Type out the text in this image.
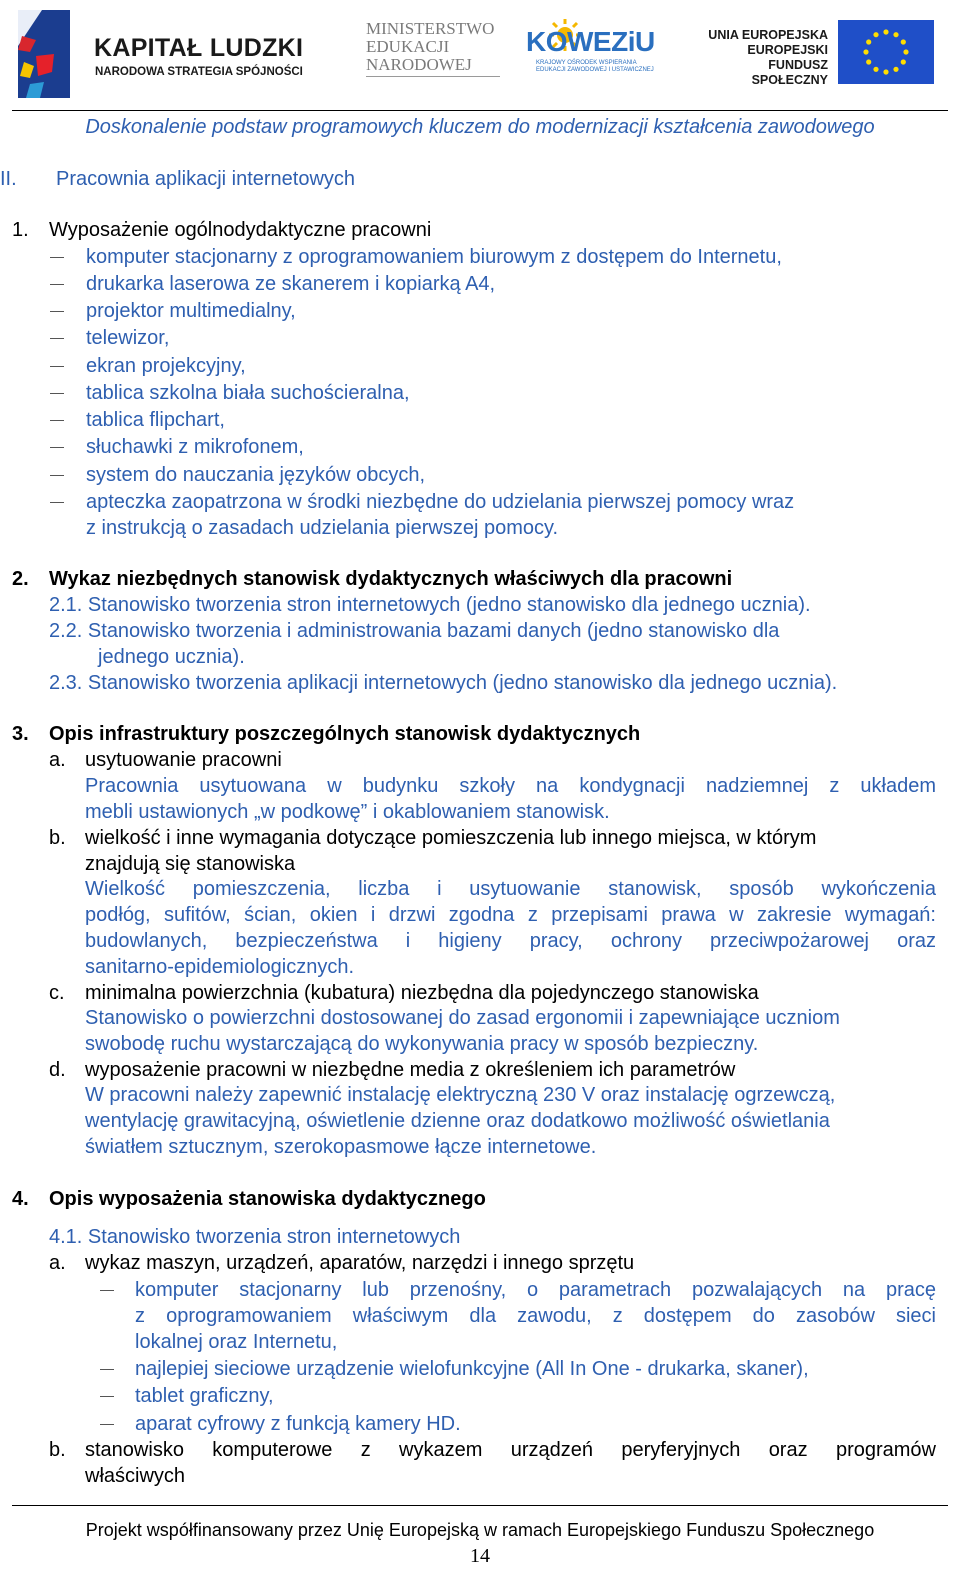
KAPITAŁ LUDZKI
NARODOWA STRATEGIA SPÓJNOŚCI
MINISTERSTWO
EDUKACJI
NARODOWEJ
KOWEZiU
KRAJOWY OŚRODEK WSPIERANIA
EDUKACJI ZAWODOWEJ I USTAWICZNEJ
UNIA EUROPEJSKA
EUROPEJSKI
FUNDUSZ SPOŁECZNY
Doskonalenie podstaw programowych kluczem do modernizacji kształcenia zawodowego
II. Pracownia aplikacji internetowych
1. Wyposażenie ogólnodydaktyczne pracowni
komputer stacjonarny z oprogramowaniem biurowym z dostępem do Internetu,
drukarka laserowa ze skanerem i kopiarką A4,
projektor multimedialny,
telewizor,
ekran projekcyjny,
tablica szkolna biała suchościeralna,
tablica flipchart,
słuchawki z mikrofonem,
system do nauczania języków obcych,
apteczka zaopatrzona w środki niezbędne do udzielania pierwszej pomocy wraz
z instrukcją o zasadach udzielania pierwszej pomocy.
2. Wykaz niezbędnych stanowisk dydaktycznych właściwych dla pracowni
2.1. Stanowisko tworzenia stron internetowych (jedno stanowisko dla jednego ucznia).
2.2. Stanowisko tworzenia i administrowania bazami danych (jedno stanowisko dla
jednego ucznia).
2.3. Stanowisko tworzenia aplikacji internetowych (jedno stanowisko dla jednego ucznia).
3. Opis infrastruktury poszczególnych stanowisk dydaktycznych
a. usytuowanie pracowni
Pracownia usytuowana w budynku szkoły na kondygnacji nadziemnej z układem
mebli ustawionych „w podkowę” i okablowaniem stanowisk.
b. wielkość i inne wymagania dotyczące pomieszczenia lub innego miejsca, w którym
znajdują się stanowiska
Wielkość pomieszczenia, liczba i usytuowanie stanowisk, sposób wykończenia
podłóg, sufitów, ścian, okien i drzwi zgodna z przepisami prawa w zakresie wymagań:
budowlanych, bezpieczeństwa i higieny pracy, ochrony przeciwpożarowej oraz
sanitarno-epidemiologicznych.
c. minimalna powierzchnia (kubatura) niezbędna dla pojedynczego stanowiska
Stanowisko o powierzchni dostosowanej do zasad ergonomii i zapewniające uczniom
swobodę ruchu wystarczającą do wykonywania pracy w sposób bezpieczny.
d. wyposażenie pracowni w niezbędne media z określeniem ich parametrów
W pracowni należy zapewnić instalację elektryczną 230 V oraz instalację ogrzewczą,
wentylację grawitacyjną, oświetlenie dzienne oraz dodatkowo możliwość oświetlania
światłem sztucznym, szerokopasmowe łącze internetowe.
4. Opis wyposażenia stanowiska dydaktycznego
4.1. Stanowisko tworzenia stron internetowych
a. wykaz maszyn, urządzeń, aparatów, narzędzi i innego sprzętu
komputer stacjonarny lub przenośny, o parametrach pozwalających na pracę
z oprogramowaniem właściwym dla zawodu, z dostępem do zasobów sieci
lokalnej oraz Internetu,
najlepiej sieciowe urządzenie wielofunkcyjne (All In One - drukarka, skaner),
tablet graficzny,
aparat cyfrowy z funkcją kamery HD.
b. stanowisko komputerowe z wykazem urządzeń peryferyjnych oraz programów
właściwych
Projekt współfinansowany przez Unię Europejską w ramach Europejskiego Funduszu Społecznego
14
